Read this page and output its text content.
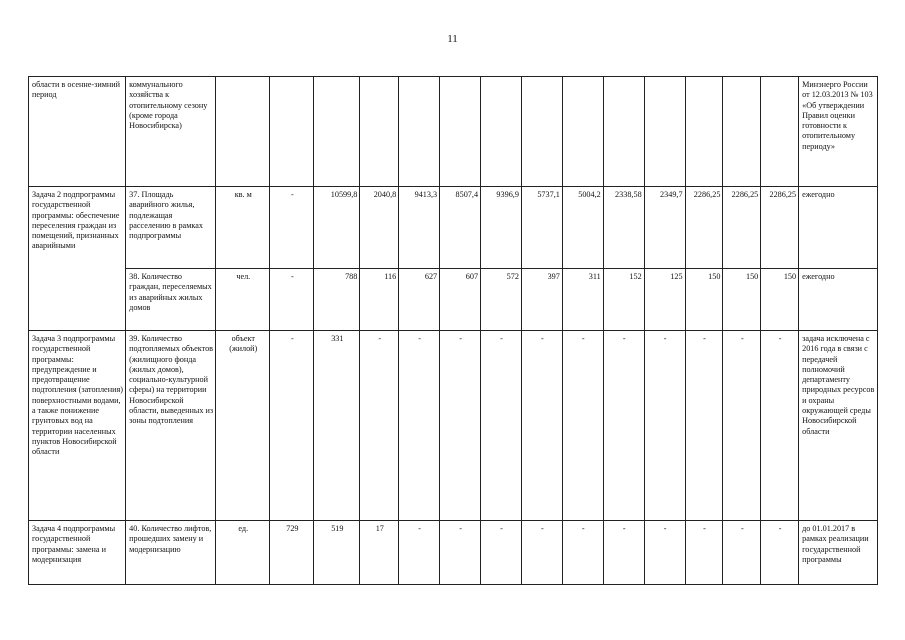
11
области в осенне-зимний период	коммунального хозяйства к отопительному сезону (кроме города Новосибирска)															Минэнерго России от 12.03.2013 № 103 «Об утверждении Правил оценки готовности к отопительному периоду»
Задача 2 подпрограммы государственной программы: обеспечение переселения граждан из помещений, признанных аварийными	37. Площадь аварийного жилья, подлежащая расселению в рамках подпрограммы	кв. м	-	10599,8	2040,8	9413,3	8507,4	9396,9	5737,1	5004,2	2338,58	2349,7	2286,25	2286,25	2286,25	ежегодно
	38. Количество граждан, переселяемых из аварийных жилых домов	чел.	-	788	116	627	607	572	397	311	152	125	150	150	150	ежегодно
Задача 3 подпрограммы государственной программы: предупреждение и предотвращение подтопления (затопления) поверхностными водами, а также понижение грунтовых вод на территории населенных пунктов Новосибирской области	39. Количество подтопляемых объектов (жилищного фонда (жилых домов), социально-культурной сферы) на территории Новосибирской области, выведенных из зоны подтопления	объект (жилой)	-	331	-	-	-	-	-	-	-	-	-	-	-	задача исключена с 2016 года в связи с передачей полномочий департаменту природных ресурсов и охраны окружающей среды Новосибирской области
Задача 4 подпрограммы государственной программы: замена и модернизация	40. Количество лифтов, прошедших замену и модернизацию	ед.	729	519	17	-	-	-	-	-	-	-	-	-	-	до 01.01.2017 в рамках реализации государственной программы
